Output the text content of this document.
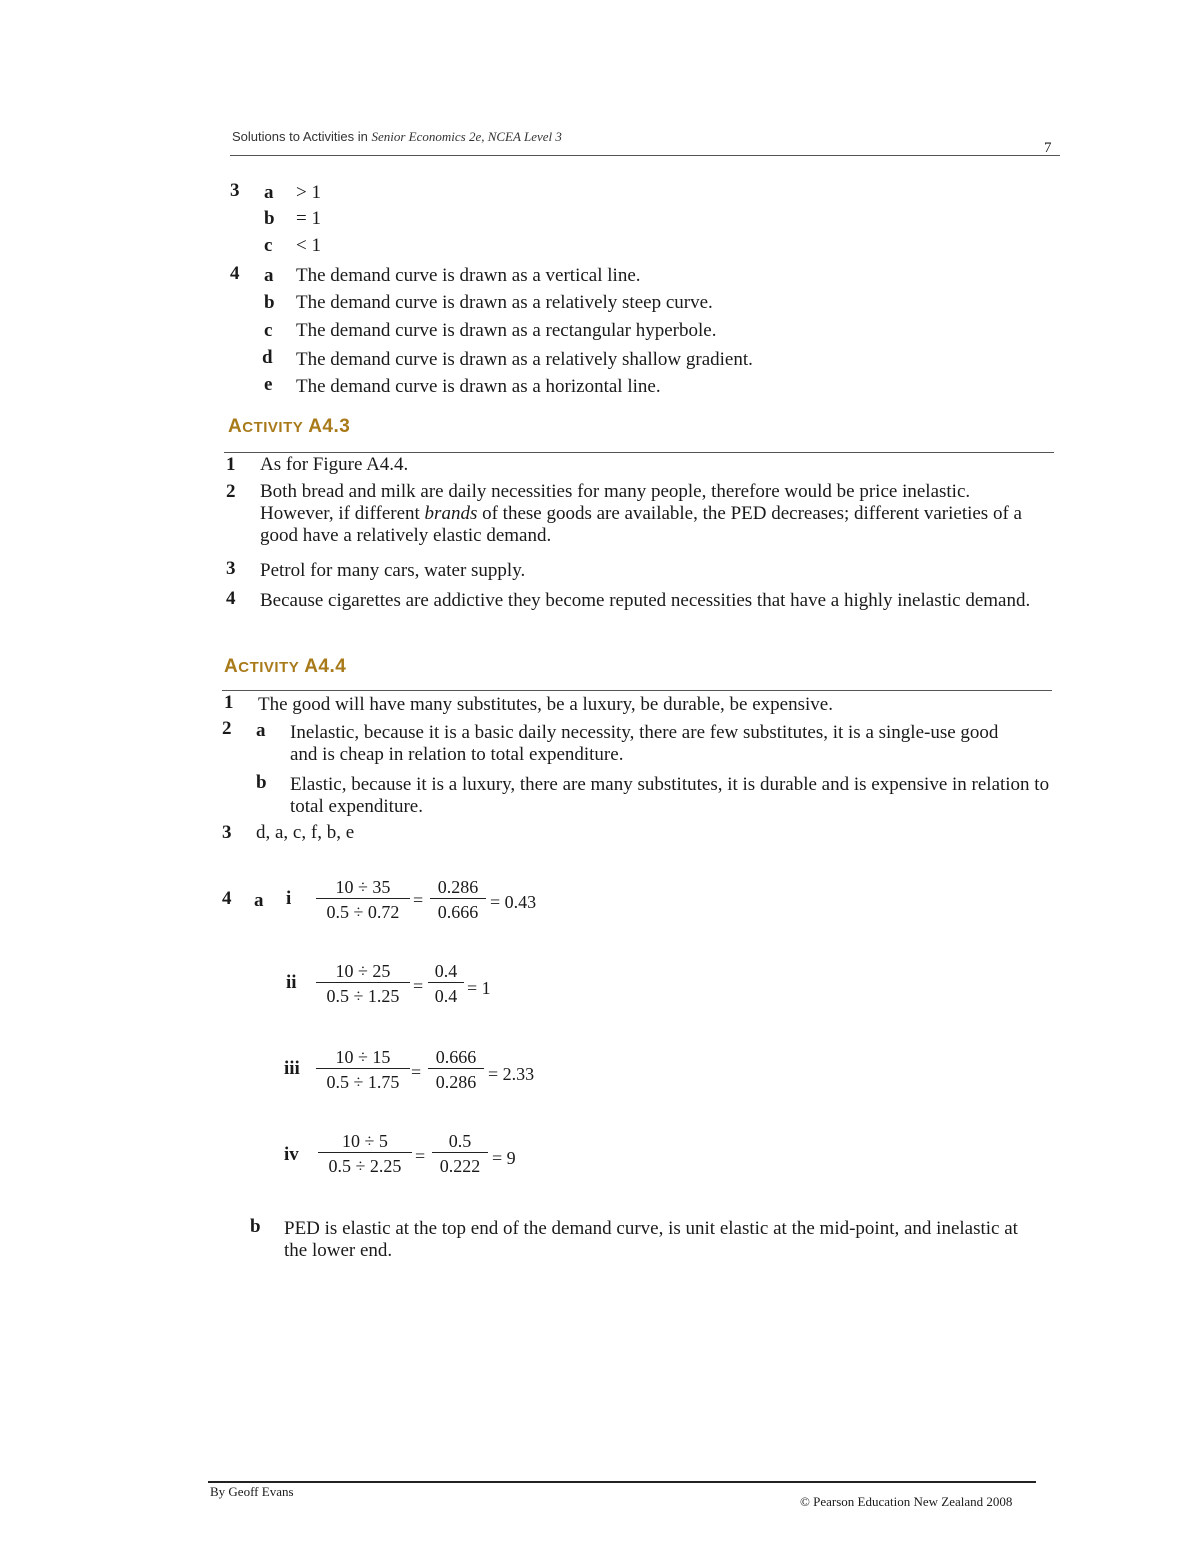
Solutions to Activities in Senior Economics 2e, NCEA Level 3
7
3 a > 1
b = 1
c < 1
4 a The demand curve is drawn as a vertical line.
b The demand curve is drawn as a relatively steep curve.
c The demand curve is drawn as a rectangular hyperbole.
d The demand curve is drawn as a relatively shallow gradient.
e The demand curve is drawn as a horizontal line.
ACTIVITY A4.3
1 As for Figure A4.4.
2 Both bread and milk are daily necessities for many people, therefore would be price inelastic. However, if different brands of these goods are available, the PED decreases; different varieties of a good have a relatively elastic demand.
3 Petrol for many cars, water supply.
4 Because cigarettes are addictive they become reputed necessities that have a highly inelastic demand.
ACTIVITY A4.4
1 The good will have many substitutes, be a luxury, be durable, be expensive.
2 a Inelastic, because it is a basic daily necessity, there are few substitutes, it is a single-use good and is cheap in relation to total expenditure.
b Elastic, because it is a luxury, there are many substitutes, it is durable and is expensive in relation to total expenditure.
3 d, a, c, f, b, e
4 a i $\frac{10 \div 35}{0.5 \div 0.72} = \frac{0.286}{0.666} = 0.43$
ii $\frac{10 \div 25}{0.5 \div 1.25} = \frac{0.4}{0.4} = 1$
iii $\frac{10 \div 15}{0.5 \div 1.75} = \frac{0.666}{0.286} = 2.33$
iv $\frac{10 \div 5}{0.5 \div 2.25} = \frac{0.5}{0.222} = 9$
b PED is elastic at the top end of the demand curve, is unit elastic at the mid-point, and inelastic at the lower end.
By Geoff Evans
© Pearson Education New Zealand 2008
